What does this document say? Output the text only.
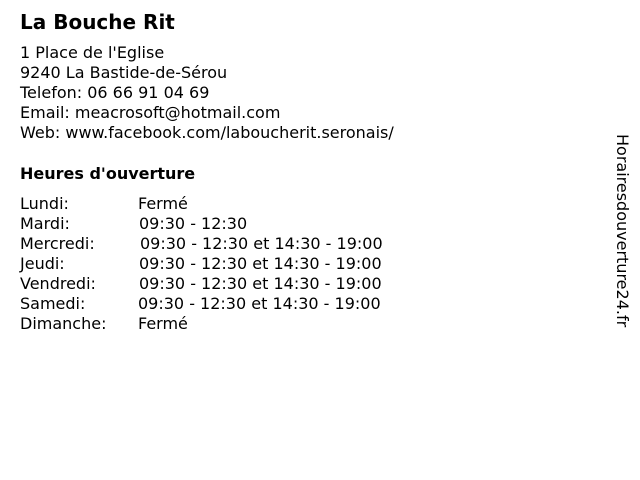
La Bouche Rit
1 Place de l'Eglise
9240 La Bastide-de-Sérou
Telefon: 06 66 91 04 69
Email: meacrosoft@hotmail.com
Web: www.facebook.com/laboucherit.seronais/
Heures d'ouverture
Lundi:	Fermé
Mardi:	09:30 - 12:30
Mercredi:	09:30 - 12:30 et 14:30 - 19:00
Jeudi:	09:30 - 12:30 et 14:30 - 19:00
Vendredi:	09:30 - 12:30 et 14:30 - 19:00
Samedi:	09:30 - 12:30 et 14:30 - 19:00
Dimanche: Fermé	Horairesdouverture24.fr
